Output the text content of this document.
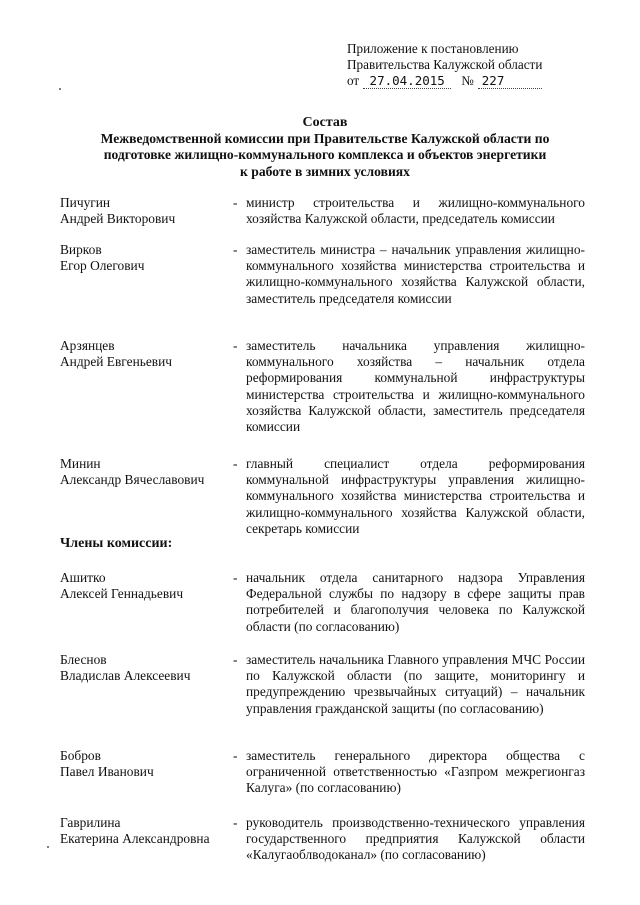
Приложение к постановлению
Правительства Калужской области
от 27.04.2015	№ 227
Состав
Межведомственной комиссии при Правительстве Калужской области по
подготовке жилищно-коммунального комплекса и объектов энергетики
к работе в зимних условиях
Пичугин
Андрей Викторович
- министр строительства и жилищно-коммунального хозяйства Калужской области, председатель комиссии
Вирков
Егор Олегович
- заместитель министра – начальник управления жилищно-коммунального хозяйства министерства строительства и жилищно-коммунального хозяйства Калужской области, заместитель председателя комиссии
Арзянцев
Андрей Евгеньевич
- заместитель начальника управления жилищно-коммунального хозяйства – начальник отдела реформирования коммунальной инфраструктуры министерства строительства и жилищно-коммунального хозяйства Калужской области, заместитель председателя комиссии
Минин
Александр Вячеславович
- главный специалист отдела реформирования коммунальной инфраструктуры управления жилищно-коммунального хозяйства министерства строительства и жилищно-коммунального хозяйства Калужской области, секретарь комиссии
Члены комиссии:
Ашитко
Алексей Геннадьевич
- начальник отдела санитарного надзора Управления Федеральной службы по надзору в сфере защиты прав потребителей и благополучия человека по Калужской области (по согласованию)
Блеснов
Владислав Алексеевич
- заместитель начальника Главного управления МЧС России по Калужской области (по защите, мониторингу и предупреждению чрезвычайных ситуаций) – начальник управления гражданской защиты (по согласованию)
Бобров
Павел Иванович
- заместитель генерального директора общества с ограниченной ответственностью «Газпром межрегионгаз Калуга» (по согласованию)
Гаврилина
Екатерина Александровна
- руководитель производственно-технического управления государственного предприятия Калужской области «Калугаоблводоканал» (по согласованию)
